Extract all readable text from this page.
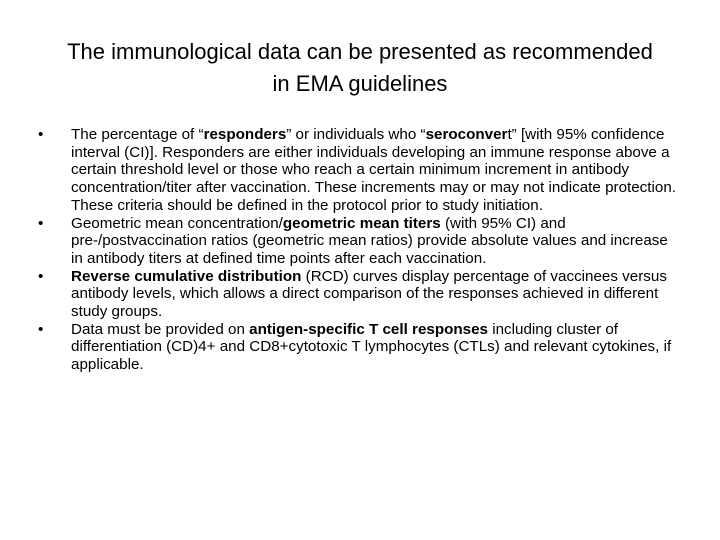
The immunological data can be presented as recommended in EMA guidelines
•	The percentage of “responders” or individuals who “seroconvert” [with 95% confidence interval (CI)]. Responders are either individuals developing an immune response above a certain threshold level or those who reach a certain minimum increment in antibody concentration/titer after vaccination. These increments may or may not indicate protection. These criteria should be defined in the protocol prior to study initiation.
•	Geometric mean concentration/geometric mean titers (with 95% CI) and pre-/postvaccination ratios (geometric mean ratios) provide absolute values and increase in antibody titers at defined time points after each vaccination.
•	Reverse cumulative distribution (RCD) curves display percentage of vaccinees versus antibody levels, which allows a direct comparison of the responses achieved in different study groups.
•	Data must be provided on antigen-specific T cell responses including cluster of differentiation (CD)4+ and CD8+cytotoxic T lymphocytes (CTLs) and relevant cytokines, if applicable.
